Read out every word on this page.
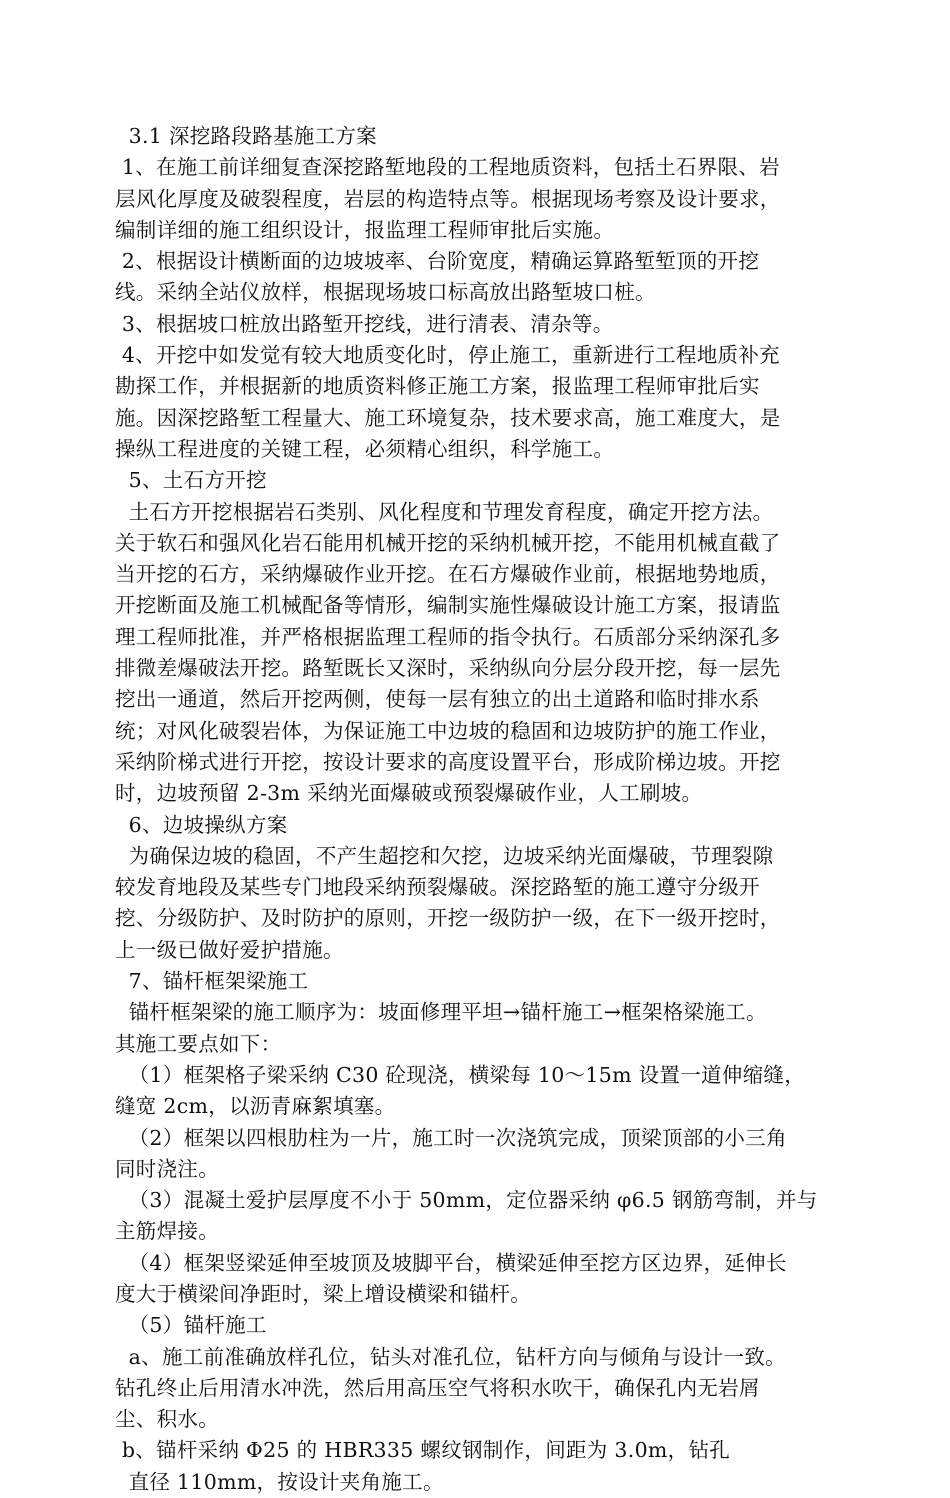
3.1 深挖路段路基施工方案
1、在施工前详细复查深挖路堑地段的工程地质资料，包括土石界限、岩
层风化厚度及破裂程度，岩层的构造特点等。根据现场考察及设计要求，
编制详细的施工组织设计，报监理工程师审批后实施。
2、根据设计横断面的边坡坡率、台阶宽度，精确运算路堑堑顶的开挖
线。采纳全站仪放样，根据现场坡口标高放出路堑坡口桩。
3、根据坡口桩放出路堑开挖线，进行清表、清杂等。
4、开挖中如发觉有较大地质变化时，停止施工，重新进行工程地质补充
勘探工作，并根据新的地质资料修正施工方案，报监理工程师审批后实
施。因深挖路堑工程量大、施工环境复杂，技术要求高，施工难度大，是
操纵工程进度的关键工程，必须精心组织，科学施工。
5、土石方开挖
土石方开挖根据岩石类别、风化程度和节理发育程度，确定开挖方法。
关于软石和强风化岩石能用机械开挖的采纳机械开挖，不能用机械直截了
当开挖的石方，采纳爆破作业开挖。在石方爆破作业前，根据地势地质，
开挖断面及施工机械配备等情形，编制实施性爆破设计施工方案，报请监
理工程师批准，并严格根据监理工程师的指令执行。石质部分采纳深孔多
排微差爆破法开挖。路堑既长又深时，采纳纵向分层分段开挖，每一层先
挖出一通道，然后开挖两侧，使每一层有独立的出土道路和临时排水系
统；对风化破裂岩体，为保证施工中边坡的稳固和边坡防护的施工作业，
采纳阶梯式进行开挖，按设计要求的高度设置平台，形成阶梯边坡。开挖
时，边坡预留 2-3m 采纳光面爆破或预裂爆破作业，人工刷坡。
6、边坡操纵方案
为确保边坡的稳固，不产生超挖和欠挖，边坡采纳光面爆破，节理裂隙
较发育地段及某些专门地段采纳预裂爆破。深挖路堑的施工遵守分级开
挖、分级防护、及时防护的原则，开挖一级防护一级，在下一级开挖时，
上一级已做好爱护措施。
7、锚杆框架梁施工
锚杆框架梁的施工顺序为：坡面修理平坦→锚杆施工→框架格梁施工。
其施工要点如下：
（1）框架格子梁采纳 C30 砼现浇，横梁每 10～15m 设置一道伸缩缝，
缝宽 2cm，以沥青麻絮填塞。
（2）框架以四根肋柱为一片，施工时一次浇筑完成，顶梁顶部的小三角
同时浇注。
（3）混凝土爱护层厚度不小于 50mm，定位器采纳 φ6.5 钢筋弯制，并与
主筋焊接。
（4）框架竖梁延伸至坡顶及坡脚平台，横梁延伸至挖方区边界，延伸长
度大于横梁间净距时，梁上增设横梁和锚杆。
（5）锚杆施工
a、施工前准确放样孔位，钻头对准孔位，钻杆方向与倾角与设计一致。
钻孔终止后用清水冲洗，然后用高压空气将积水吹干，确保孔内无岩屑
尘、积水。
b、锚杆采纳 Φ25 的 HBR335 螺纹钢制作，间距为 3.0m，钻孔
直径 110mm，按设计夹角施工。
